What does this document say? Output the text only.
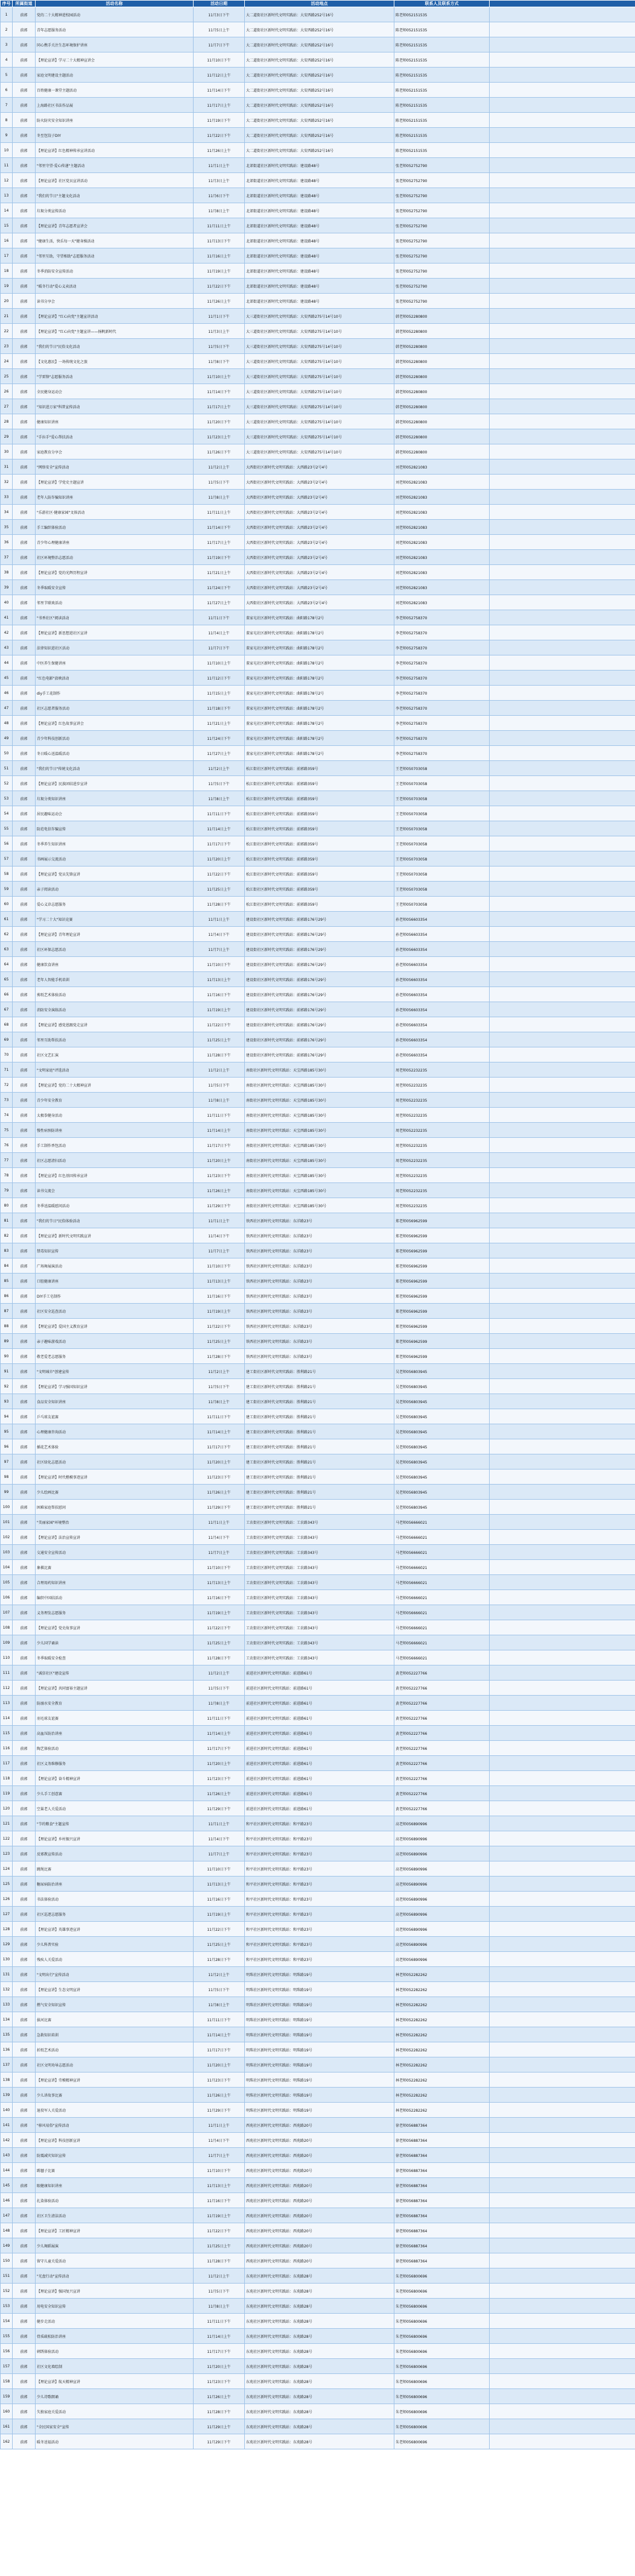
序号	所属街道	活动名称	活动日期	活动地点	联系人及联系方式	
1	前郭	党的二十大精神进校园活动	11月3日下午	大二道街社区新时代文明实践站：大安西路252号16号	陈老师052151535	
2	前郭	青年志愿服务活动	11月5日上午	大二道街社区新时代文明实践站：大安西路252号16号	陈老师052151535	
3	前郭	同心携手关注生态环境保护讲座	11月7日下午	大二道街社区新时代文明实践站：大安西路252号16号	陈老师052151535	
4	前郭	【理论宣讲】学习二十大精神宣讲会	11月10日下午	大二道街社区新时代文明实践站：大安西路252号16号	陈老师052151535	
5	前郭	家庭文明建设主题活动	11月12日上午	大二道街社区新时代文明实践站：大安西路252号16号	陈老师052151535	
6	前郭	百姓健康一课堂主题活动	11月14日下午	大二道街社区新时代文明实践站：大安西路252号16号	陈老师052151535	
7	前郭	上海路社区书法作品展	11月17日上午	大二道街社区新时代文明实践站：大安西路252号16号	陈老师052151535	
8	前郭	防火防灾安全知识讲座	11月19日下午	大二道街社区新时代文明实践站：大安西路252号16号	陈老师052151535	
9	前郭	冬至包饺子DIY	11月22日下午	大二道街社区新时代文明实践站：大安西路252号16号	陈老师052151535	
10	前郭	【理论宣讲】红色精神传承宣讲活动	11月26日上午	大二道街社区新时代文明实践站：大安西路252号16号	陈老师052151535	
11	前郭	"邻里守望·爱心传递"主题活动	11月1日上午	北郊街道社区新时代文明实践站：建设路48号	张老师052752790	
12	前郭	【理论宣讲】社区党员宣讲活动	11月3日上午	北郊街道社区新时代文明实践站：建设路48号	张老师052752790	
13	前郭	"我们的节日"主题文化活动	11月6日下午	北郊街道社区新时代文明实践站：建设路48号	张老师052752790	
14	前郭	垃圾分类宣传活动	11月8日上午	北郊街道社区新时代文明实践站：建设路48号	张老师052752790	
15	前郭	【理论宣讲】青年志愿者宣讲会	11月11日上午	北郊街道社区新时代文明实践站：建设路48号	张老师052752790	
16	前郭	"健康生活，快乐每一天"健身操活动	11月13日下午	北郊街道社区新时代文明实践站：建设路48号	张老师052752790	
17	前郭	"邻里互助，守望相助"志愿服务活动	11月16日上午	北郊街道社区新时代文明实践站：建设路48号	张老师052752790	
18	前郭	冬季消防安全宣传活动	11月19日上午	北郊街道社区新时代文明实践站：建设路48号	张老师052752790	
19	前郭	"暖冬行动"爱心义卖活动	11月22日下午	北郊街道社区新时代文明实践站：建设路48号	张老师052752790	
20	前郭	读书分享会	11月26日上午	北郊街道社区新时代文明实践站：建设路48号	张老师052752790	
21	前郭	【理论宣讲】"红心向党"主题宣讲活动	11月1日下午	大三道街社区新时代文明实践站：大安西路275号14号10号	韩老师052280800	
22	前郭	【理论宣讲】"红心向党"主题宣讲——扬帆新时代	11月3日上午	大三道街社区新时代文明实践站：大安西路275号14号10号	韩老师052280800	
23	前郭	"我们的节日"民俗文化活动	11月5日下午	大三道街社区新时代文明实践站：大安西路275号14号10号	韩老师052280800	
24	前郭	【文化惠民】一场传统文化之旅	11月8日下午	大三道街社区新时代文明实践站：大安西路275号14号10号	韩老师052280800	
25	前郭	"学雷锋"志愿服务活动	11月10日上午	大三道街社区新时代文明实践站：大安西路275号14号10号	韩老师052280800	
26	前郭	全民健身运动会	11月14日下午	大三道街社区新时代文明实践站：大安西路275号14号10号	韩老师052280800	
27	前郭	"知识进万家"科普宣传活动	11月17日上午	大三道街社区新时代文明实践站：大安西路275号14号10号	韩老师052280800	
28	前郭	健康知识讲座	11月20日下午	大三道街社区新时代文明实践站：大安西路275号14号10号	韩老师052280800	
29	前郭	"手拉手"爱心帮扶活动	11月23日上午	大三道街社区新时代文明实践站：大安西路275号14号10号	韩老师052280800	
30	前郭	家庭教育分享会	11月26日下午	大三道街社区新时代文明实践站：大安西路275号14号10号	韩老师052280800	
31	前郭	"网络安全"宣传活动	11月2日上午	大西街社区新时代文明实践站：大西路23号2号4号	刘老师052821083	
32	前郭	【理论宣讲】学党史主题宣讲	11月5日下午	大西街社区新时代文明实践站：大西路23号2号4号	刘老师052821083	
33	前郭	老年人防诈骗知识讲座	11月8日上午	大西街社区新时代文明实践站：大西路23号2号4号	刘老师052821083	
34	前郭	"乐游社区·健康家园"文体活动	11月11日上午	大西街社区新时代文明实践站：大西路23号2号4号	刘老师052821083	
35	前郭	手工编织体验活动	11月14日下午	大西街社区新时代文明实践站：大西路23号2号4号	刘老师052821083	
36	前郭	青少年心理健康讲座	11月17日上午	大西街社区新时代文明实践站：大西路23号2号4号	刘老师052821083	
37	前郭	社区环境整治志愿活动	11月19日下午	大西街社区新时代文明实践站：大西路23号2号4号	刘老师052821083	
38	前郭	【理论宣讲】党的光辉历程宣讲	11月21日上午	大西街社区新时代文明实践站：大西路23号2号4号	刘老师052821083	
39	前郭	冬季取暖安全宣传	11月24日下午	大西街社区新时代文明实践站：大西路23号2号4号	刘老师052821083	
40	前郭	邻里节联欢活动	11月27日上午	大西街社区新时代文明实践站：大西路23号2号4号	刘老师052821083	
41	前郭	"书香社区"阅读活动	11月1日下午	董家屯社区新时代文明实践站：曲阳路178号2号	李老师052758370	
42	前郭	【理论宣讲】新思想进社区宣讲	11月4日上午	董家屯社区新时代文明实践站：曲阳路178号2号	李老师052758370	
43	前郭	法律知识进社区活动	11月7日下午	董家屯社区新时代文明实践站：曲阳路178号2号	李老师052758370	
44	前郭	中医养生保健讲座	11月10日上午	董家屯社区新时代文明实践站：曲阳路178号2号	李老师052758370	
45	前郭	"红色电影"放映活动	11月12日下午	董家屯社区新时代文明实践站：曲阳路178号2号	李老师052758370	
46	前郭	diy手工花制作	11月15日上午	董家屯社区新时代文明实践站：曲阳路178号2号	李老师052758370	
47	前郭	社区志愿者服务活动	11月18日下午	董家屯社区新时代文明实践站：曲阳路178号2号	李老师052758370	
48	前郭	【理论宣讲】红色故事宣讲会	11月21日上午	董家屯社区新时代文明实践站：曲阳路178号2号	李老师052758370	
49	前郭	青少年科技创新活动	11月24日下午	董家屯社区新时代文明实践站：曲阳路178号2号	李老师052758370	
50	前郭	冬日暖心送温暖活动	11月27日上午	董家屯社区新时代文明实践站：曲阳路178号2号	李老师052758370	
51	前郭	"我们的节日"传统文化活动	11月2日上午	松江街社区新时代文明实践站：前郭路359号	王老师050703058	
52	前郭	【理论宣讲】民族团结进步宣讲	11月5日下午	松江街社区新时代文明实践站：前郭路359号	王老师050703058	
53	前郭	垃圾分类知识讲座	11月8日上午	松江街社区新时代文明实践站：前郭路359号	王老师050703058	
54	前郭	居民趣味运动会	11月11日下午	松江街社区新时代文明实践站：前郭路359号	王老师050703058	
55	前郭	防范电信诈骗宣传	11月14日上午	松江街社区新时代文明实践站：前郭路359号	王老师050703058	
56	前郭	冬季养生知识讲座	11月17日下午	松江街社区新时代文明实践站：前郭路359号	王老师050703058	
57	前郭	书画展示交流活动	11月20日上午	松江街社区新时代文明实践站：前郭路359号	王老师050703058	
58	前郭	【理论宣讲】党员先锋宣讲	11月22日下午	松江街社区新时代文明实践站：前郭路359号	王老师050703058	
59	前郭	亲子阅读活动	11月25日上午	松江街社区新时代文明实践站：前郭路359号	王老师050703058	
60	前郭	爱心义诊志愿服务	11月28日下午	松江街社区新时代文明实践站：前郭路359号	王老师050703058	
61	前郭	"学习二十大"知识竞赛	11月1日上午	建设街社区新时代文明实践站：前郭路176号29号	孙老师056603354	
62	前郭	【理论宣讲】青年理论宣讲	11月4日下午	建设街社区新时代文明实践站：前郭路176号29号	孙老师056603354	
63	前郭	社区环保志愿活动	11月7日上午	建设街社区新时代文明实践站：前郭路176号29号	孙老师056603354	
64	前郭	健康饮食讲座	11月10日下午	建设街社区新时代文明实践站：前郭路176号29号	孙老师056603354	
65	前郭	老年人智能手机培训	11月13日上午	建设街社区新时代文明实践站：前郭路176号29号	孙老师056603354	
66	前郭	剪纸艺术体验活动	11月16日下午	建设街社区新时代文明实践站：前郭路176号29号	孙老师056603354	
67	前郭	消防安全演练活动	11月19日上午	建设街社区新时代文明实践站：前郭路176号29号	孙老师056603354	
68	前郭	【理论宣讲】感党恩跟党走宣讲	11月22日下午	建设街社区新时代文明实践站：前郭路176号29号	孙老师056603354	
69	前郭	邻里互助帮扶活动	11月25日上午	建设街社区新时代文明实践站：前郭路176号29号	孙老师056603354	
70	前郭	社区文艺汇演	11月28日下午	建设街社区新时代文明实践站：前郭路176号29号	孙老师056603354	
71	前郭	"文明家庭"评选活动	11月2日上午	南街社区新时代文明实践站：天宝西路185号30号	周老师052232235	
72	前郭	【理论宣讲】党的二十大精神宣讲	11月5日下午	南街社区新时代文明实践站：天宝西路185号30号	周老师052232235	
73	前郭	青少年安全教育	11月8日上午	南街社区新时代文明实践站：天宝西路185号30号	周老师052232235	
74	前郭	太极拳健身活动	11月11日下午	南街社区新时代文明实践站：天宝西路185号30号	周老师052232235	
75	前郭	慢性病预防讲座	11月14日上午	南街社区新时代文明实践站：天宝西路185号30号	周老师052232235	
76	前郭	手工制作香包活动	11月17日下午	南街社区新时代文明实践站：天宝西路185号30号	周老师052232235	
77	前郭	社区志愿清扫活动	11月20日上午	南街社区新时代文明实践站：天宝西路185号30号	周老师052232235	
78	前郭	【理论宣讲】红色基因传承宣讲	11月23日下午	南街社区新时代文明实践站：天宝西路185号30号	周老师052232235	
79	前郭	读书交流会	11月26日上午	南街社区新时代文明实践站：天宝西路185号30号	周老师052232235	
80	前郭	冬季送温暖慰问活动	11月29日下午	南街社区新时代文明实践站：天宝西路185号30号	周老师052232235	
81	前郭	"我们的节日"民俗体验活动	11月1日上午	铁西社区新时代文明实践站：东洋路23号	郑老师056962599	
82	前郭	【理论宣讲】新时代文明实践宣讲	11月4日下午	铁西社区新时代文明实践站：东洋路23号	郑老师056962599	
83	前郭	禁毒知识宣传	11月7日上午	铁西社区新时代文明实践站：东洋路23号	郑老师056962599	
84	前郭	广场舞展演活动	11月10日下午	铁西社区新时代文明实践站：东洋路23号	郑老师056962599	
85	前郭	口腔健康讲座	11月13日上午	铁西社区新时代文明实践站：东洋路23号	郑老师056962599	
86	前郭	DIY手工皂制作	11月16日下午	铁西社区新时代文明实践站：东洋路23号	郑老师056962599	
87	前郭	社区安全巡查活动	11月19日上午	铁西社区新时代文明实践站：东洋路23号	郑老师056962599	
88	前郭	【理论宣讲】爱国主义教育宣讲	11月22日下午	铁西社区新时代文明实践站：东洋路23号	郑老师056962599	
89	前郭	亲子趣味游戏活动	11月25日上午	铁西社区新时代文明实践站：东洋路23号	郑老师056962599	
90	前郭	敬老爱老志愿服务	11月28日下午	铁西社区新时代文明实践站：东洋路23号	郑老师056962599	
91	前郭	"文明城市"创建宣传	11月2日上午	建工街社区新时代文明实践站：胜利路21号	吴老师056803945	
92	前郭	【理论宣讲】学习强国知识宣讲	11月5日下午	建工街社区新时代文明实践站：胜利路21号	吴老师056803945	
93	前郭	食品安全知识讲座	11月8日上午	建工街社区新时代文明实践站：胜利路21号	吴老师056803945	
94	前郭	乒乓球友谊赛	11月11日下午	建工街社区新时代文明实践站：胜利路21号	吴老师056803945	
95	前郭	心理健康咨询活动	11月14日上午	建工街社区新时代文明实践站：胜利路21号	吴老师056803945	
96	前郭	插花艺术体验	11月17日下午	建工街社区新时代文明实践站：胜利路21号	吴老师056803945	
97	前郭	社区绿化志愿活动	11月20日上午	建工街社区新时代文明实践站：胜利路21号	吴老师056803945	
98	前郭	【理论宣讲】时代楷模事迹宣讲	11月23日下午	建工街社区新时代文明实践站：胜利路21号	吴老师056803945	
99	前郭	少儿绘画比赛	11月26日上午	建工街社区新时代文明实践站：胜利路21号	吴老师056803945	
100	前郭	困难家庭帮扶慰问	11月29日下午	建工街社区新时代文明实践站：胜利路21号	吴老师056803945	
101	前郭	"美丽家园"环境整治	11月1日上午	工农街社区新时代文明实践站：工农路343号	马老师056666021	
102	前郭	【理论宣讲】法治宣传宣讲	11月4日下午	工农街社区新时代文明实践站：工农路343号	马老师056666021	
103	前郭	交通安全宣传活动	11月7日上午	工农街社区新时代文明实践站：工农路343号	马老师056666021	
104	前郭	象棋比赛	11月10日下午	工农街社区新时代文明实践站：工农路343号	马老师056666021	
105	前郭	合理用药知识讲座	11月13日上午	工农街社区新时代文明实践站：工农路343号	马老师056666021	
106	前郭	编织中国结活动	11月16日下午	工农街社区新时代文明实践站：工农路343号	马老师056666021	
107	前郭	义务理发志愿服务	11月19日上午	工农街社区新时代文明实践站：工农路343号	马老师056666021	
108	前郭	【理论宣讲】党史故事宣讲	11月22日下午	工农街社区新时代文明实践站：工农路343号	马老师056666021	
109	前郭	少儿国学诵读	11月25日上午	工农街社区新时代文明实践站：工农路343号	马老师056666021	
110	前郭	冬季取暖安全检查	11月28日下午	工农街社区新时代文明实践站：工农路343号	马老师056666021	
111	前郭	"诚信社区"建设宣传	11月2日上午	前进社区新时代文明实践站：前进路61号	黄老师052227766	
112	前郭	【理论宣讲】共同富裕主题宣讲	11月5日下午	前进社区新时代文明实践站：前进路61号	黄老师052227766	
113	前郭	防溺水安全教育	11月8日上午	前进社区新时代文明实践站：前进路61号	黄老师052227766	
114	前郭	羽毛球友谊赛	11月11日下午	前进社区新时代文明实践站：前进路61号	黄老师052227766	
115	前郭	高血压防治讲座	11月14日上午	前进社区新时代文明实践站：前进路61号	黄老师052227766	
116	前郭	陶艺体验活动	11月17日下午	前进社区新时代文明实践站：前进路61号	黄老师052227766	
117	前郭	社区义务维修服务	11月20日上午	前进社区新时代文明实践站：前进路61号	黄老师052227766	
118	前郭	【理论宣讲】奋斗精神宣讲	11月23日下午	前进社区新时代文明实践站：前进路61号	黄老师052227766	
119	前郭	少儿手工创意赛	11月26日上午	前进社区新时代文明实践站：前进路61号	黄老师052227766	
120	前郭	空巢老人关爱活动	11月29日下午	前进社区新时代文明实践站：前进路61号	黄老师052227766	
121	前郭	"节约粮食"主题宣传	11月1日上午	和平社区新时代文明实践站：和平路23号	高老师056890996	
122	前郭	【理论宣讲】乡村振兴宣讲	11月4日下午	和平社区新时代文明实践站：和平路23号	高老师056890996	
123	前郭	反邪教宣传活动	11月7日上午	和平社区新时代文明实践站：和平路23号	高老师056890996	
124	前郭	跳绳比赛	11月10日下午	和平社区新时代文明实践站：和平路23号	高老师056890996	
125	前郭	糖尿病防治讲座	11月13日上午	和平社区新时代文明实践站：和平路23号	高老师056890996	
126	前郭	书法体验活动	11月16日下午	和平社区新时代文明实践站：和平路23号	高老师056890996	
127	前郭	社区巡逻志愿服务	11月19日上午	和平社区新时代文明实践站：和平路23号	高老师056890996	
128	前郭	【理论宣讲】英雄事迹宣讲	11月22日下午	和平社区新时代文明实践站：和平路23号	高老师056890996	
129	前郭	少儿科普实验	11月25日上午	和平社区新时代文明实践站：和平路23号	高老师056890996	
130	前郭	残疾人关爱活动	11月28日下午	和平社区新时代文明实践站：和平路23号	高老师056890996	
131	前郭	"文明出行"宣传活动	11月2日上午	明珠社区新时代文明实践站：明珠路19号	林老师052282262	
132	前郭	【理论宣讲】生态文明宣讲	11月5日下午	明珠社区新时代文明实践站：明珠路19号	林老师052282262	
133	前郭	燃气安全知识宣传	11月8日上午	明珠社区新时代文明实践站：明珠路19号	林老师052282262	
134	前郭	拔河比赛	11月11日下午	明珠社区新时代文明实践站：明珠路19号	林老师052282262	
135	前郭	急救知识培训	11月14日上午	明珠社区新时代文明实践站：明珠路19号	林老师052282262	
136	前郭	折纸艺术活动	11月17日下午	明珠社区新时代文明实践站：明珠路19号	林老师052282262	
137	前郭	社区文明劝导志愿活动	11月20日上午	明珠社区新时代文明实践站：明珠路19号	林老师052282262	
138	前郭	【理论宣讲】劳模精神宣讲	11月23日下午	明珠社区新时代文明实践站：明珠路19号	林老师052282262	
139	前郭	少儿讲故事比赛	11月26日上午	明珠社区新时代文明实践站：明珠路19号	林老师052282262	
140	前郭	退役军人关爱活动	11月29日下午	明珠社区新时代文明实践站：明珠路19号	林老师052282262	
141	前郭	"移风易俗"宣传活动	11月1日上午	西苑社区新时代文明实践站：西苑路20号	徐老师056887364	
142	前郭	【理论宣讲】科技创新宣讲	11月4日下午	西苑社区新时代文明实践站：西苑路20号	徐老师056887364	
143	前郭	防震减灾知识宣传	11月7日上午	西苑社区新时代文明实践站：西苑路20号	徐老师056887364	
144	前郭	踢毽子比赛	11月10日下午	西苑社区新时代文明实践站：西苑路20号	徐老师056887364	
145	前郭	眼健康知识讲座	11月13日上午	西苑社区新时代文明实践站：西苑路20号	徐老师056887364	
146	前郭	扎染体验活动	11月16日下午	西苑社区新时代文明实践站：西苑路20号	徐老师056887364	
147	前郭	社区卫生清洁活动	11月19日上午	西苑社区新时代文明实践站：西苑路20号	徐老师056887364	
148	前郭	【理论宣讲】工匠精神宣讲	11月22日下午	西苑社区新时代文明实践站：西苑路20号	徐老师056887364	
149	前郭	少儿舞蹈展演	11月25日上午	西苑社区新时代文明实践站：西苑路20号	徐老师056887364	
150	前郭	留守儿童关爱活动	11月28日下午	西苑社区新时代文明实践站：西苑路20号	徐老师056887364	
151	前郭	"光盘行动"宣传活动	11月2日上午	东苑社区新时代文明实践站：东苑路28号	朱老师056800696	
152	前郭	【理论宣讲】强国复兴宣讲	11月5日下午	东苑社区新时代文明实践站：东苑路28号	朱老师056800696	
153	前郭	用电安全知识宣传	11月8日上午	东苑社区新时代文明实践站：东苑路28号	朱老师056800696	
154	前郭	健步走活动	11月11日下午	东苑社区新时代文明实践站：东苑路28号	朱老师056800696	
155	前郭	骨质疏松防治讲座	11月14日上午	东苑社区新时代文明实践站：东苑路28号	朱老师056800696	
156	前郭	刺绣体验活动	11月17日下午	东苑社区新时代文明实践站：东苑路28号	朱老师056800696	
157	前郭	社区文化墙绘制	11月20日上午	东苑社区新时代文明实践站：东苑路28号	朱老师056800696	
158	前郭	【理论宣讲】航天精神宣讲	11月23日下午	东苑社区新时代文明实践站：东苑路28号	朱老师056800696	
159	前郭	少儿诗歌朗诵	11月26日上午	东苑社区新时代文明实践站：东苑路28号	朱老师056800696	
160	前郭	失独家庭关爱活动	11月28日下午	东苑社区新时代文明实践站：东苑路28号	朱老师056800696	
161	前郭	"全民国家安全"宣传	11月29日上午	东苑社区新时代文明实践站：东苑路28号	朱老师056800696	
162	前郭	暖冬送福活动	11月29日下午	东苑社区新时代文明实践站：东苑路28号	朱老师056800696	
